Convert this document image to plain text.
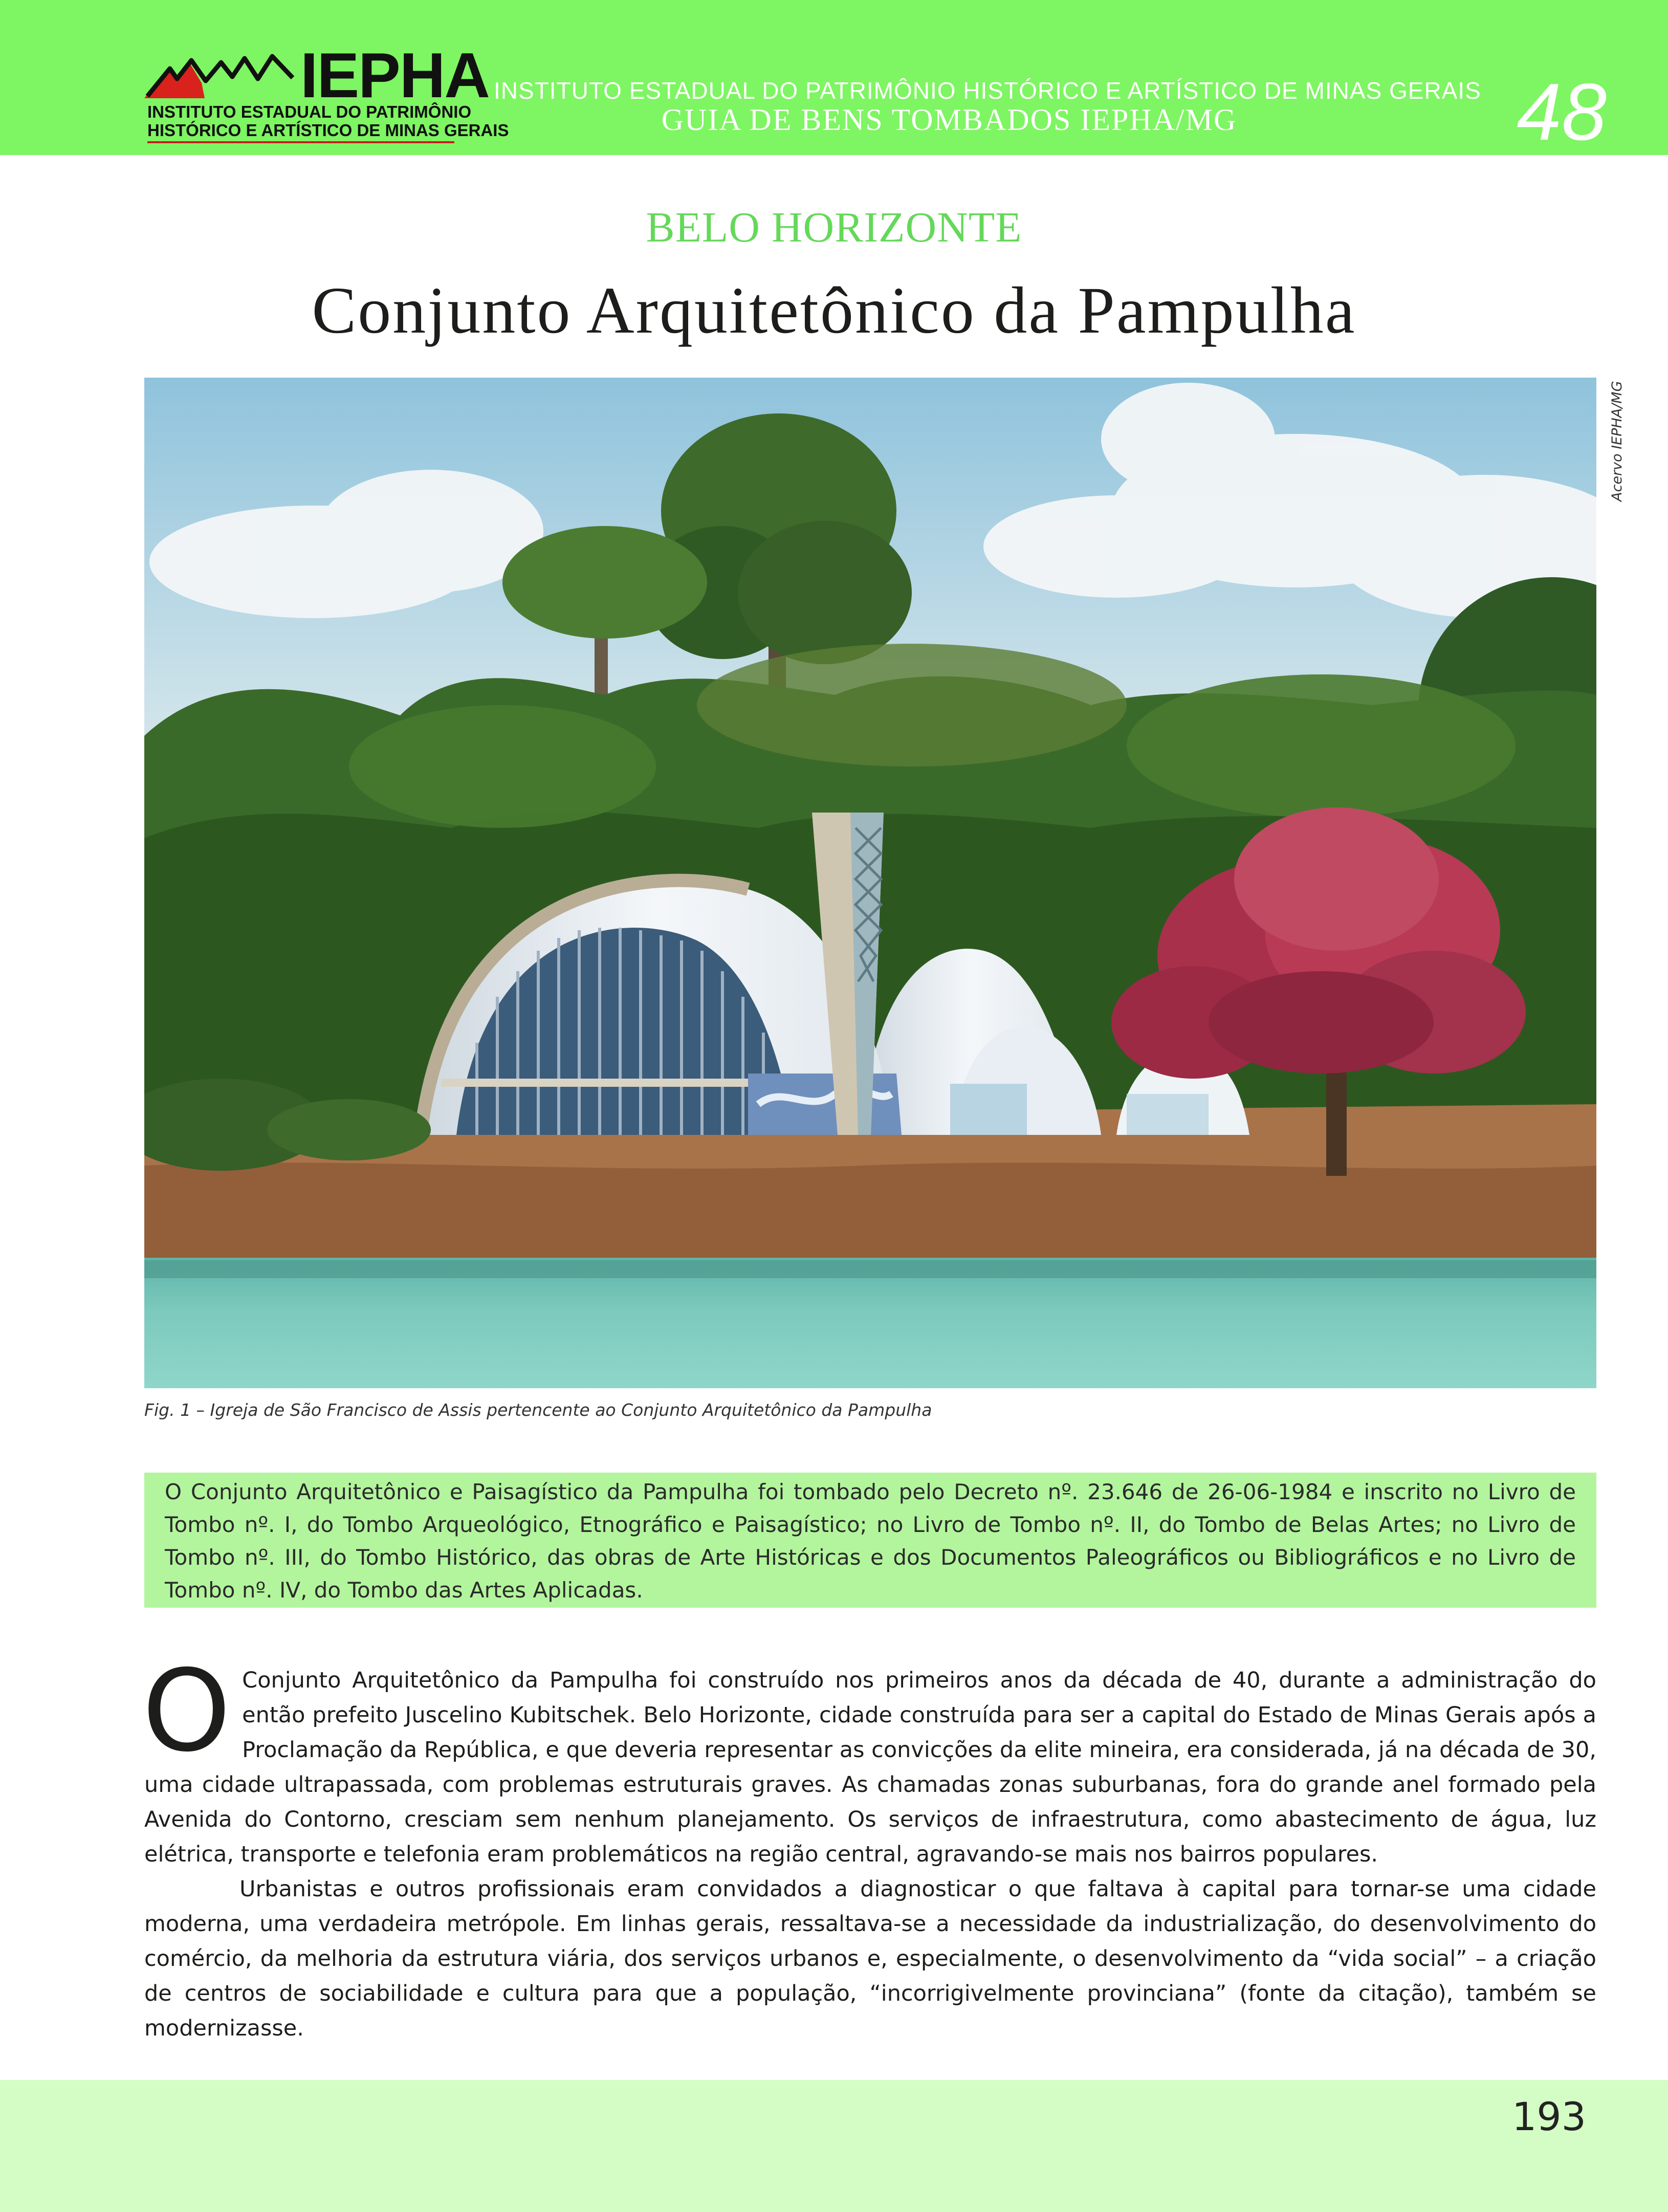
IEPHA
INSTITUTO ESTADUAL DO PATRIMÔNIO
HISTÓRICO E ARTÍSTICO DE MINAS GERAIS
INSTITUTO ESTADUAL DO PATRIMÔNIO HISTÓRICO E ARTÍSTICO DE MINAS GERAIS
GUIA DE BENS TOMBADOS IEPHA/MG	48
BELO HORIZONTE
Conjunto Arquitetônico da Pampulha
Acervo IEPHA/MG
Fig. 1 – Igreja de São Francisco de Assis pertencente ao Conjunto Arquitetônico da Pampulha
O Conjunto Arquitetônico e Paisagístico da Pampulha foi tombado pelo Decreto nº. 23.646 de 26-06-1984 e inscrito no Livro de Tombo nº. I, do Tombo Arqueológico, Etnográfico e Paisagístico; no Livro de Tombo nº. II, do Tombo de Belas Artes; no Livro de Tombo nº. III, do Tombo Histórico, das obras de Arte Históricas e dos Documentos Paleográficos ou Bibliográficos e no Livro de Tombo nº. IV, do Tombo das Artes Aplicadas.

O Conjunto Arquitetônico da Pampulha foi construído nos primeiros anos da década de 40, durante a administração do então prefeito Juscelino Kubitschek. Belo Horizonte, cidade construída para ser a capital do Estado de Minas Gerais após a Proclamação da República, e que deveria representar as convicções da elite mineira, era considerada, já na década de 30, uma cidade ultrapassada, com problemas estruturais graves. As chamadas zonas suburbanas, fora do grande anel formado pela Avenida do Contorno, cresciam sem nenhum planejamento. Os serviços de infraestrutura, como abastecimento de água, luz elétrica, transporte e telefonia eram problemáticos na região central, agravando-se mais nos bairros populares.

Urbanistas e outros profissionais eram convidados a diagnosticar o que faltava à capital para tornar-se uma cidade moderna, uma verdadeira metrópole. Em linhas gerais, ressaltava-se a necessidade da industrialização, do desenvolvimento do comércio, da melhoria da estrutura viária, dos serviços urbanos e, especialmente, o desenvolvimento da “vida social” – a criação de centros de sociabilidade e cultura para que a população, “incorrigivelmente provinciana” (fonte da citação), também se modernizasse.

193
